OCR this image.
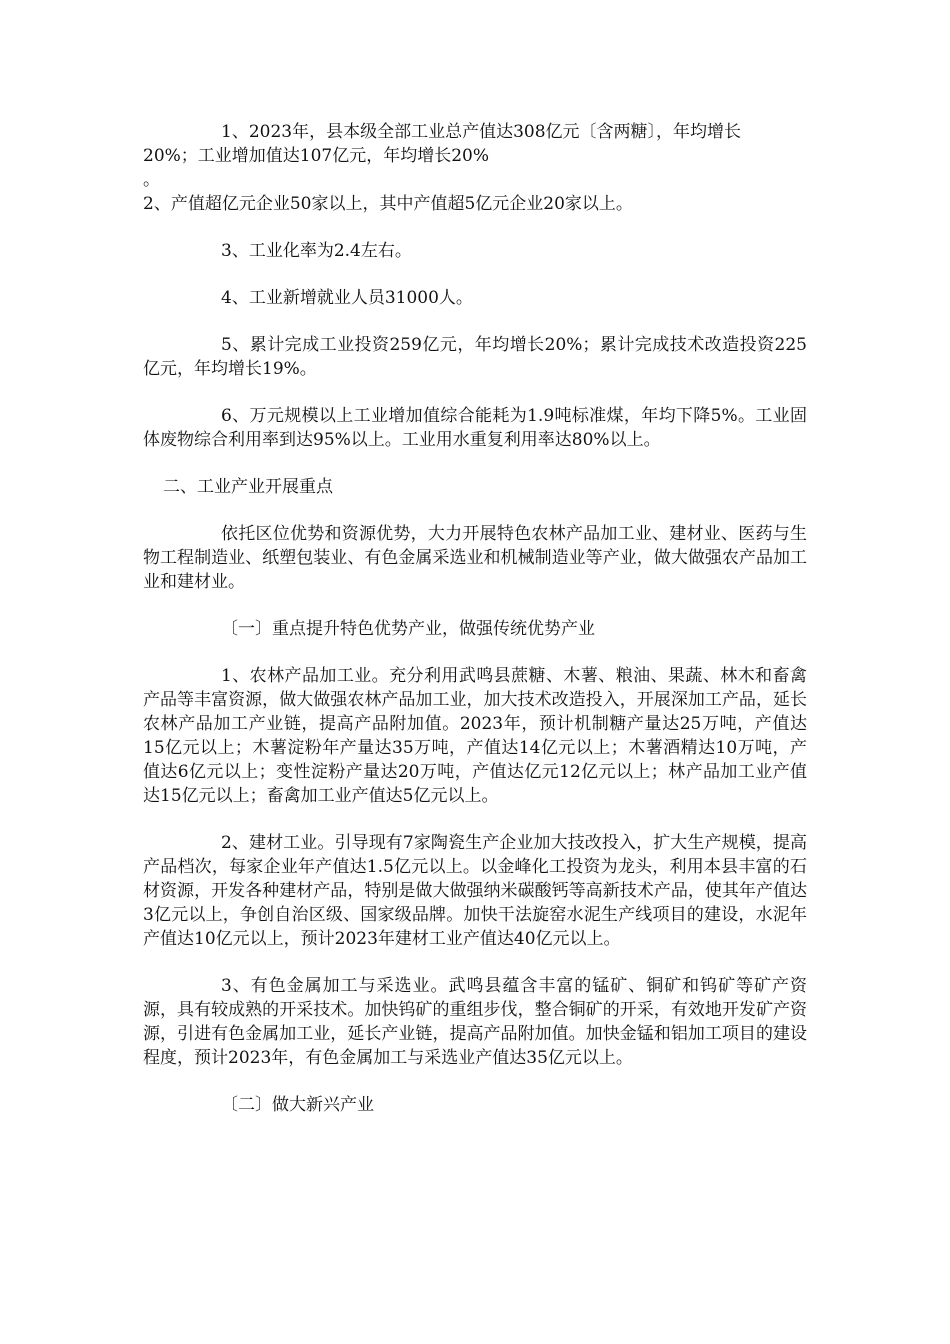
1、2023年，县本级全部工业总产值达308亿元〔含两糖〕，年均增长

20%；工业增加值达107亿元，年均增长20%
。

2、产值超亿元企业50家以上，其中产值超5亿元企业20家以上。

3、工业化率为2.4左右。

4、工业新增就业人员31000人。

5、累计完成工业投资259亿元，年均增长20%；累计完成技术改造投资225亿元，年均增长19%。

6、万元规模以上工业增加值综合能耗为1.9吨标准煤，年均下降5%。工业固体废物综合利用率到达95%以上。工业用水重复利用率达80%以上。

二、工业产业开展重点

依托区位优势和资源优势，大力开展特色农林产品加工业、建材业、医药与生物工程制造业、纸塑包装业、有色金属采选业和机械制造业等产业，做大做强农产品加工业和建材业。

〔一〕重点提升特色优势产业，做强传统优势产业

1、农林产品加工业。充分利用武鸣县蔗糖、木薯、粮油、果蔬、林木和畜禽产品等丰富资源，做大做强农林产品加工业，加大技术改造投入，开展深加工产品，延长农林产品加工产业链，提高产品附加值。2023年，预计机制糖产量达25万吨，产值达15亿元以上；木薯淀粉年产量达35万吨，产值达14亿元以上；木薯酒精达10万吨，产值达6亿元以上；变性淀粉产量达20万吨，产值达亿元12亿元以上；林产品加工业产值达15亿元以上；畜禽加工业产值达5亿元以上。

2、建材工业。引导现有7家陶瓷生产企业加大技改投入，扩大生产规模，提高产品档次，每家企业年产值达1.5亿元以上。以金峰化工投资为龙头，利用本县丰富的石材资源，开发各种建材产品，特别是做大做强纳米碳酸钙等高新技术产品，使其年产值达3亿元以上，争创自治区级、国家级品牌。加快干法旋窑水泥生产线项目的建设，水泥年产值达10亿元以上，预计2023年建材工业产值达40亿元以上。

3、有色金属加工与采选业。武鸣县蕴含丰富的锰矿、铜矿和钨矿等矿产资源，具有较成熟的开采技术。加快钨矿的重组步伐，整合铜矿的开采，有效地开发矿产资源，引进有色金属加工业，延长产业链，提高产品附加值。加快金锰和铝加工项目的建设程度，预计2023年，有色金属加工与采选业产值达35亿元以上。

〔二〕做大新兴产业
